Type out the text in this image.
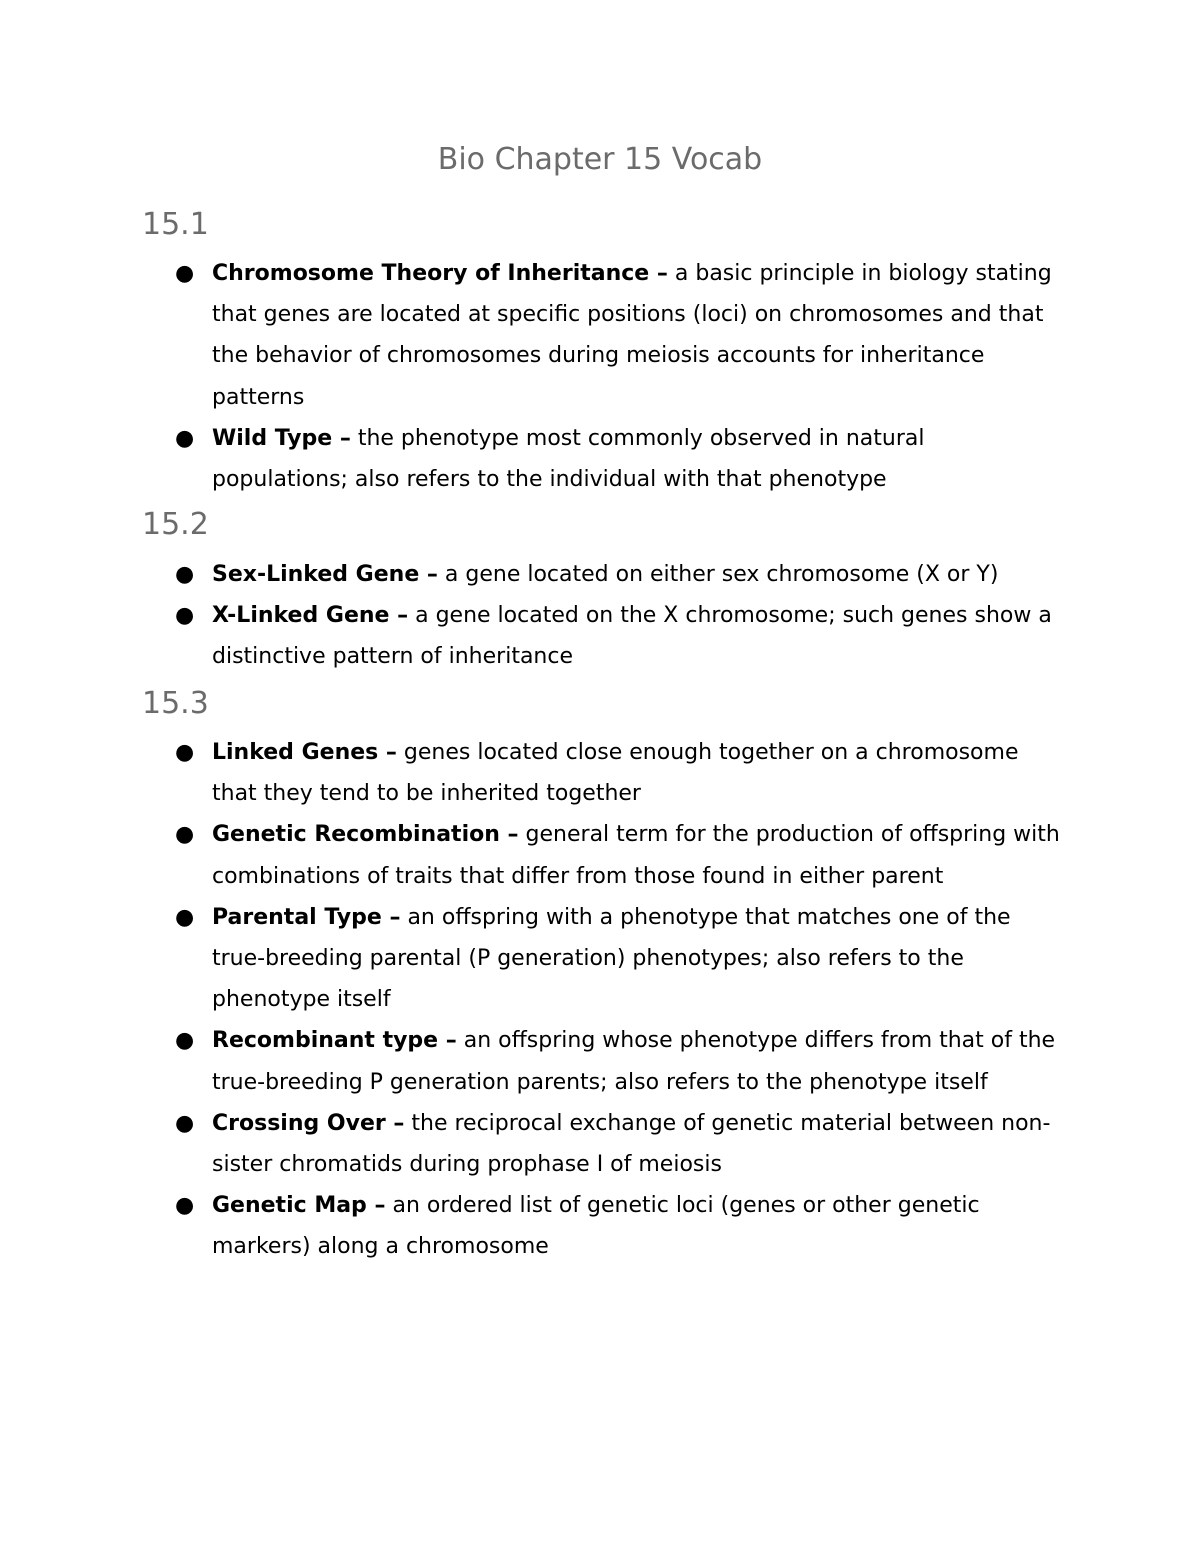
Bio Chapter 15 Vocab
15.1
● Chromosome Theory of Inheritance – a basic principle in biology stating that genes are located at specific positions (loci) on chromosomes and that the behavior of chromosomes during meiosis accounts for inheritance patterns
● Wild Type – the phenotype most commonly observed in natural populations; also refers to the individual with that phenotype
15.2
● Sex-Linked Gene – a gene located on either sex chromosome (X or Y)
● X-Linked Gene – a gene located on the X chromosome; such genes show a distinctive pattern of inheritance
15.3
● Linked Genes – genes located close enough together on a chromosome that they tend to be inherited together
● Genetic Recombination – general term for the production of offspring with combinations of traits that differ from those found in either parent
● Parental Type – an offspring with a phenotype that matches one of the true-breeding parental (P generation) phenotypes; also refers to the phenotype itself
● Recombinant type – an offspring whose phenotype differs from that of the true-breeding P generation parents; also refers to the phenotype itself
● Crossing Over – the reciprocal exchange of genetic material between non-sister chromatids during prophase I of meiosis
● Genetic Map – an ordered list of genetic loci (genes or other genetic markers) along a chromosome
